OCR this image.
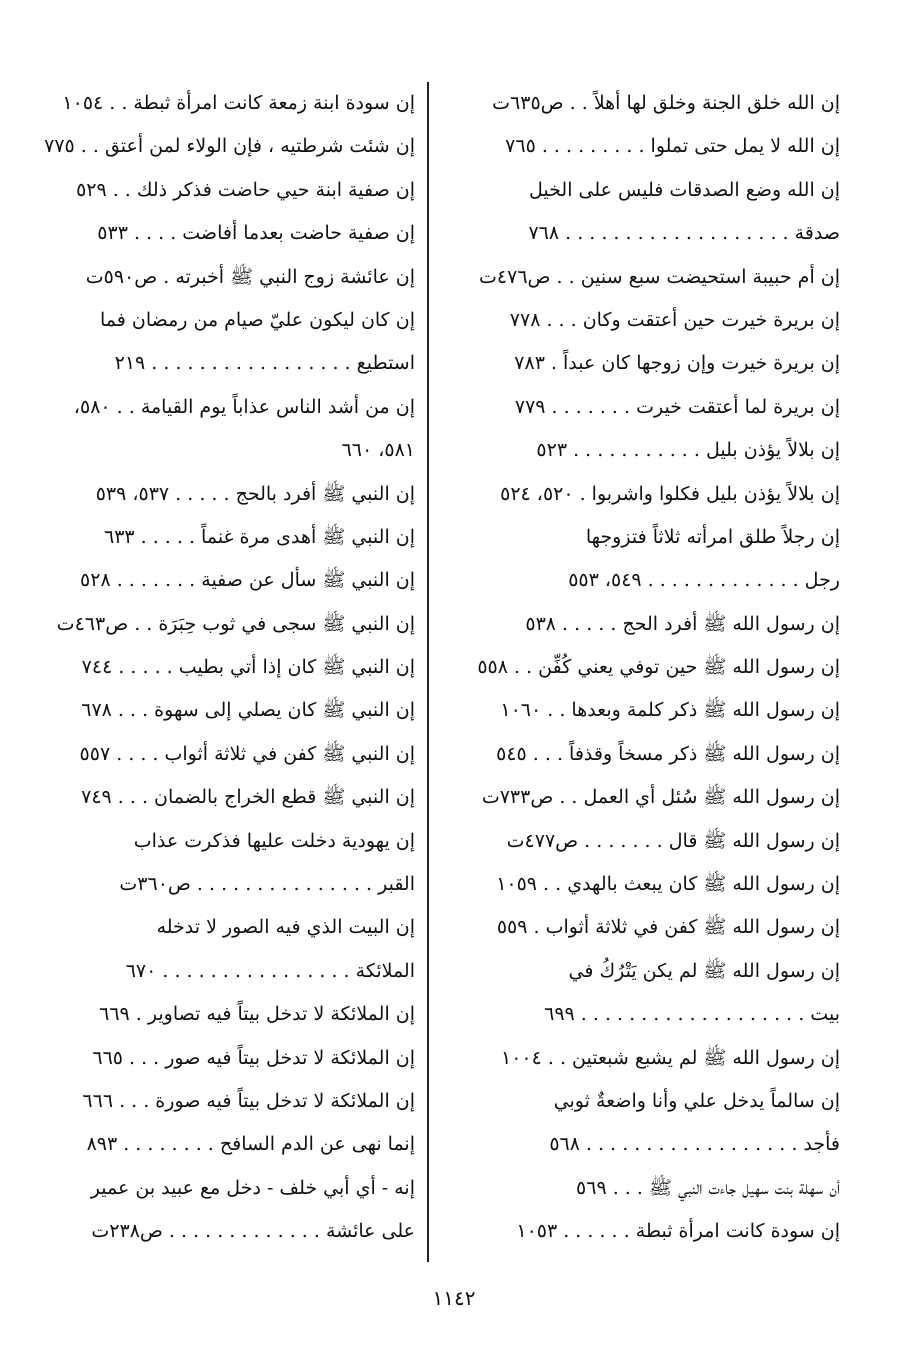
إن الله خلق الجنة وخلق لها أهلاً . . ص٦٣٥ت
إن الله لا يمل حتى تملوا . . . . . . . . . ٧٦٥
إن الله وضع الصدقات فليس على الخيل
صدقة . . . . . . . . . . . . . . . . . . . ٧٦٨
إن أم حبيبة استحيضت سبع سنين . . ص٤٧٦ت
إن بريرة خيرت حين أعتقت وكان . . . ٧٧٨
إن بريرة خيرت وإن زوجها كان عبداً . ٧٨٣
إن بريرة لما أعتقت خيرت . . . . . . . ٧٧٩
إن بلالاً يؤذن بليل . . . . . . . . . . . ٥٢٣
إن بلالاً يؤذن بليل فكلوا واشربوا . ٥٢٠، ٥٢٤
إن رجلاً طلق امرأته ثلاثاً فتزوجها
رجل . . . . . . . . . . . . . ٥٤٩، ٥٥٣
إن رسول الله ﷺ أفرد الحج . . . . . ٥٣٨
إن رسول الله ﷺ حين توفي يعني كُفِّن . . ٥٥٨
إن رسول الله ﷺ ذكر كلمة وبعدها . . ١٠٦٠
إن رسول الله ﷺ ذكر مسخاً وقذفاً . . . ٥٤٥
إن رسول الله ﷺ سُئل أي العمل . . ص٧٣٣ت
إن رسول الله ﷺ قال . . . . . . . ص٤٧٧ت
إن رسول الله ﷺ كان يبعث بالهدي . . ١٠٥٩
إن رسول الله ﷺ كفن في ثلاثة أثواب . ٥٥٩
إن رسول الله ﷺ لم يكن يَتْرُكُ في
بيت . . . . . . . . . . . . . . . . . . . ٦٩٩
إن رسول الله ﷺ لم يشبع شبعتين . . ١٠٠٤
إن سالماً يدخل علي وأنا واضعةٌ ثوبي
فأجد . . . . . . . . . . . . . . . . . . ٥٦٨
أن سهلة بنت سهيل جاءت النبي ﷺ . . . ٥٦٩
إن سودة كانت امرأة ثبطة . . . . . . ١٠٥٣
إن سودة ابنة زمعة كانت امرأة ثبطة . . ١٠٥٤
إن شئت شرطتيه ، فإن الولاء لمن أعتق . . ٧٧٥
إن صفية ابنة حيي حاضت فذكر ذلك . . ٥٢٩
إن صفية حاضت بعدما أفاضت . . . . ٥٣٣
إن عائشة زوج النبي ﷺ أخبرته . ص٥٩٠ت
إن كان ليكون عليّ صيام من رمضان فما
استطيع . . . . . . . . . . . . . . . . . ٢١٩
إن من أشد الناس عذاباً يوم القيامة . . ٥٨٠،
٥٨١، ٦٦٠
إن النبي ﷺ أفرد بالحج . . . . . ٥٣٧، ٥٣٩
إن النبي ﷺ أهدى مرة غنماً . . . . . ٦٣٣
إن النبي ﷺ سأل عن صفية . . . . . . . ٥٢٨
إن النبي ﷺ سجى في ثوب حِبَرَة . . ص٤٦٣ت
إن النبي ﷺ كان إذا أتي بطيب . . . . . ٧٤٤
إن النبي ﷺ كان يصلي إلى سهوة . . . ٦٧٨
إن النبي ﷺ كفن في ثلاثة أثواب . . . . ٥٥٧
إن النبي ﷺ قطع الخراج بالضمان . . . ٧٤٩
إن يهودية دخلت عليها فذكرت عذاب
القبر . . . . . . . . . . . . . . . ص٣٦٠ت
إن البيت الذي فيه الصور لا تدخله
الملائكة . . . . . . . . . . . . . . . . ٦٧٠
إن الملائكة لا تدخل بيتاً فيه تصاوير . ٦٦٩
إن الملائكة لا تدخل بيتاً فيه صور . . . ٦٦٥
إن الملائكة لا تدخل بيتاً فيه صورة . . . ٦٦٦
إنما نهى عن الدم السافح . . . . . . . . ٨٩٣
إنه - أي أبي خلف - دخل مع عبيد بن عمير
على عائشة . . . . . . . . . . . . . ص٢٣٨ت
١١٤٢
